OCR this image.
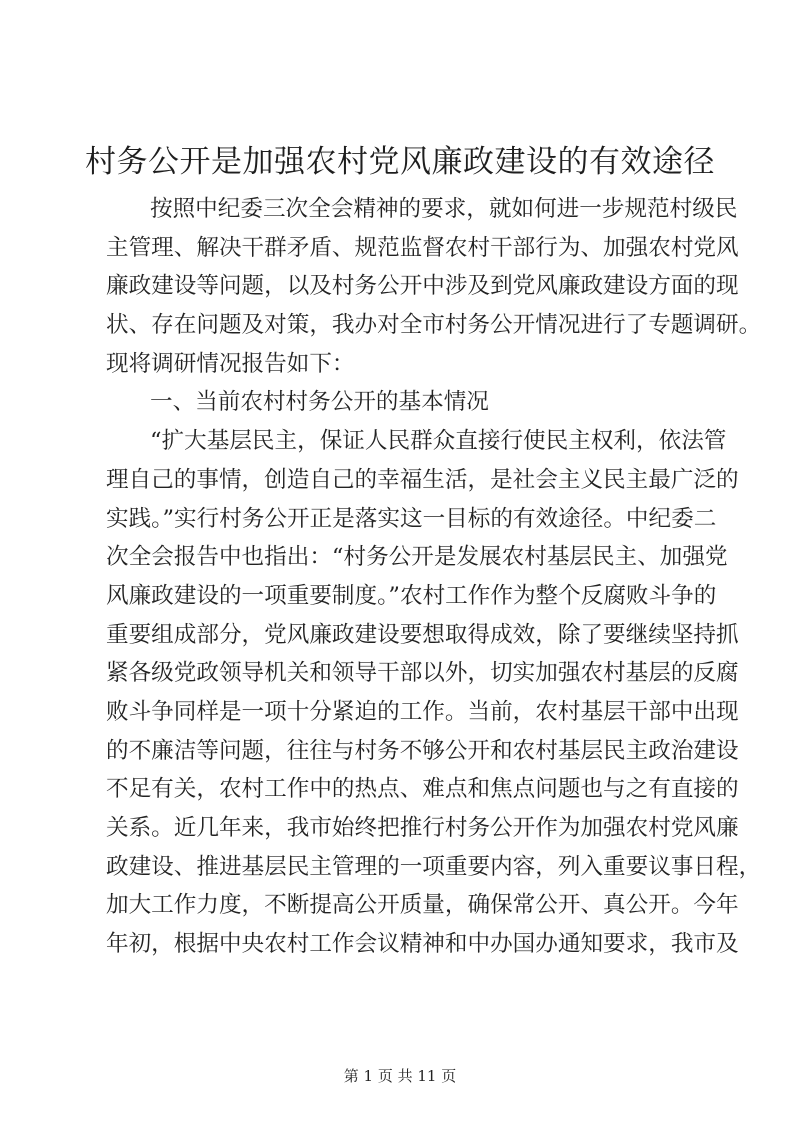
村务公开是加强农村党风廉政建设的有效途径
按照中纪委三次全会精神的要求，就如何进一步规范村级民
主管理、解决干群矛盾、规范监督农村干部行为、加强农村党风
廉政建设等问题，以及村务公开中涉及到党风廉政建设方面的现
状、存在问题及对策，我办对全市村务公开情况进行了专题调研。
现将调研情况报告如下：
一、当前农村村务公开的基本情况
“扩大基层民主，保证人民群众直接行使民主权利，依法管
理自己的事情，创造自己的幸福生活，是社会主义民主最广泛的
实践。”实行村务公开正是落实这一目标的有效途径。中纪委二
次全会报告中也指出：“村务公开是发展农村基层民主、加强党
风廉政建设的一项重要制度。”农村工作作为整个反腐败斗争的
重要组成部分，党风廉政建设要想取得成效，除了要继续坚持抓
紧各级党政领导机关和领导干部以外，切实加强农村基层的反腐
败斗争同样是一项十分紧迫的工作。当前，农村基层干部中出现
的不廉洁等问题，往往与村务不够公开和农村基层民主政治建设
不足有关，农村工作中的热点、难点和焦点问题也与之有直接的
关系。近几年来，我市始终把推行村务公开作为加强农村党风廉
政建设、推进基层民主管理的一项重要内容，列入重要议事日程，
加大工作力度，不断提高公开质量，确保常公开、真公开。今年
年初，根据中央农村工作会议精神和中办国办通知要求，我市及
第 1 页 共 11 页
